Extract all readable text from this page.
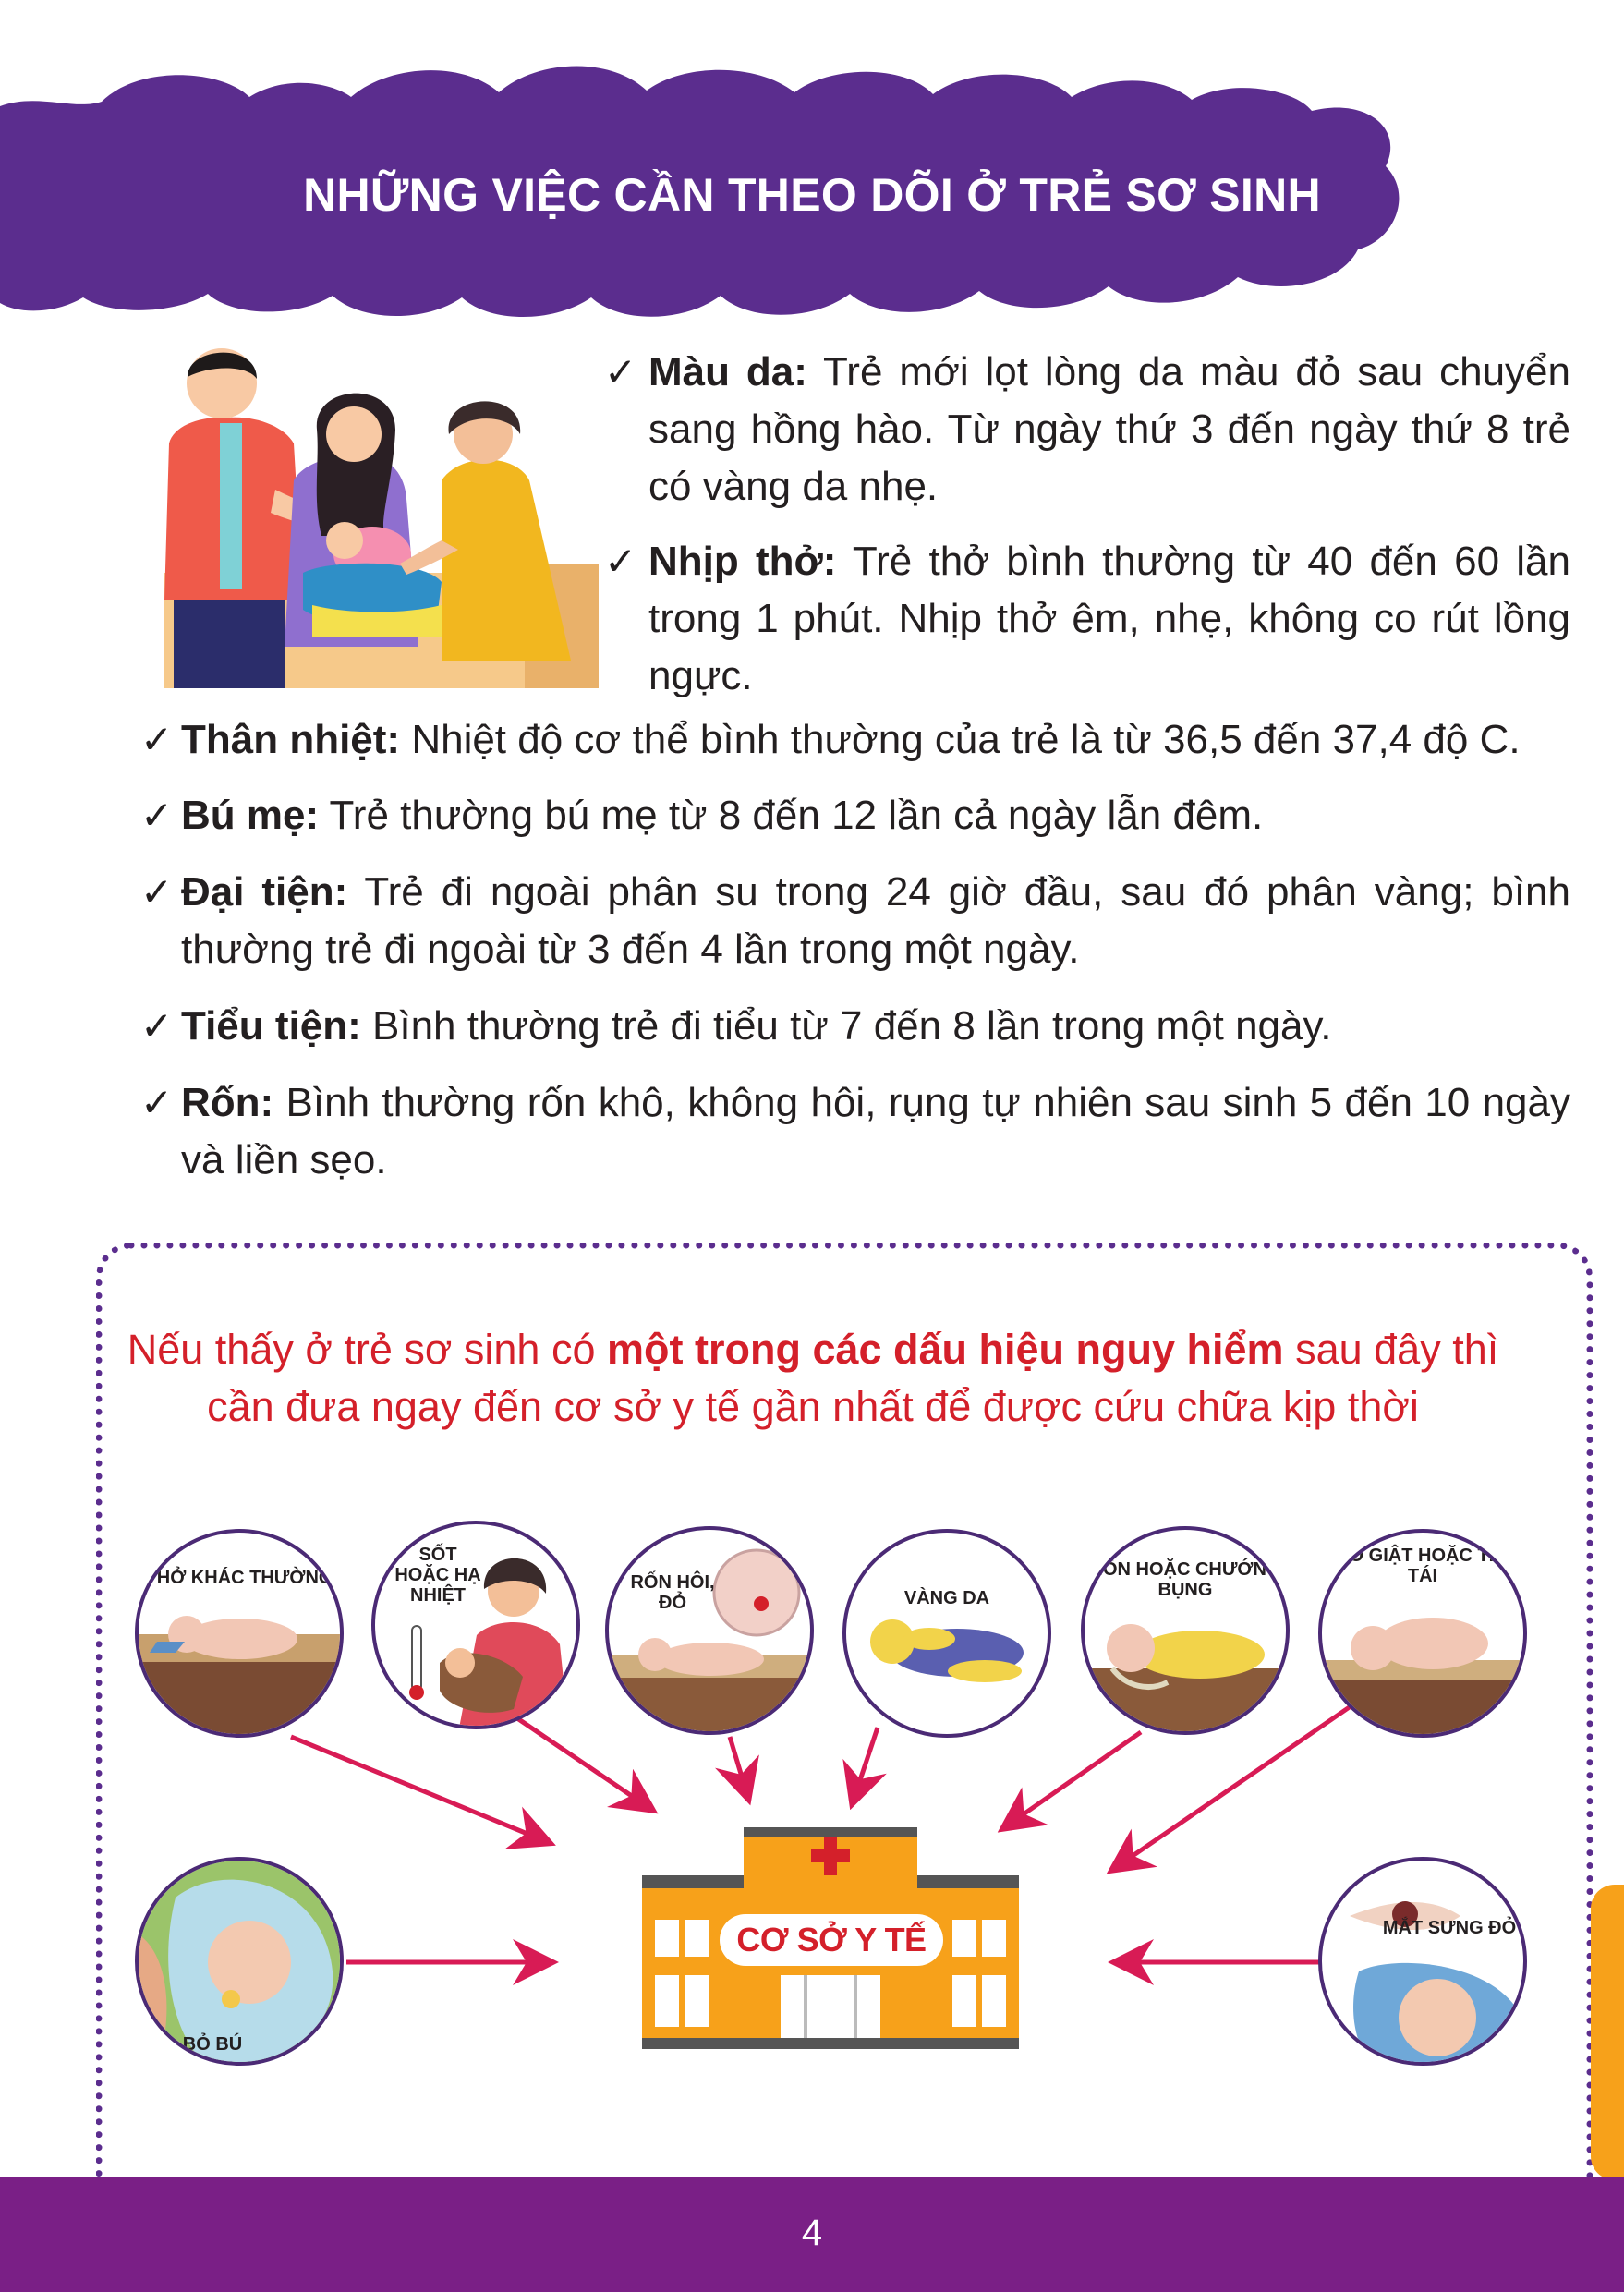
NHỮNG VIỆC CẦN THEO DÕI Ở TRẺ SƠ SINH
✓ Màu da: Trẻ mới lọt lòng da màu đỏ sau chuyển sang hồng hào. Từ ngày thứ 3 đến ngày thứ 8 trẻ có vàng da nhẹ.
✓ Nhịp thở: Trẻ thở bình thường từ 40 đến 60 lần trong 1 phút. Nhịp thở êm, nhẹ, không co rút lồng ngực.
✓ Thân nhiệt: Nhiệt độ cơ thể bình thường của trẻ là từ 36,5 đến 37,4 độ C.
✓ Bú mẹ: Trẻ thường bú mẹ từ 8 đến 12 lần cả ngày lẫn đêm.
✓ Đại tiện: Trẻ đi ngoài phân su trong 24 giờ đầu, sau đó phân vàng; bình thường trẻ đi ngoài từ 3 đến 4 lần trong một ngày.
✓ Tiểu tiện: Bình thường trẻ đi tiểu từ 7 đến 8 lần trong một ngày.
✓ Rốn: Bình thường rốn khô, không hôi, rụng tự nhiên sau sinh 5 đến 10 ngày và liền sẹo.
Nếu thấy ở trẻ sơ sinh có một trong các dấu hiệu nguy hiểm sau đây thì cần đưa ngay đến cơ sở y tế gần nhất để được cứu chữa kịp thời
THỞ KHÁC THƯỜNG
SỐT HOẶC HẠ NHIỆT
RỐN HÔI, ĐỎ	VÀNG DA
NÔN HOẶC CHƯỚNG BỤNG
CO GIẬT HOẶC TÍM TÁI
BỎ BÚ
MẮT SƯNG ĐỎ
CƠ SỞ Y TẾ
4
